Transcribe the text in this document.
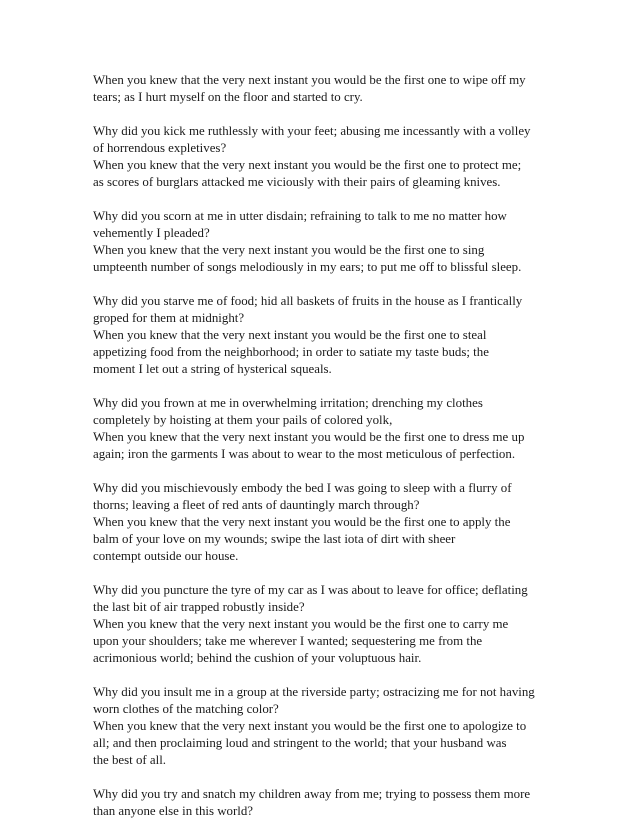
When you knew that the very next instant you would be the first one to wipe off my
tears; as I hurt myself on the floor and started to cry.
Why did you kick me ruthlessly with your feet; abusing me incessantly with a volley
of horrendous expletives?
When you knew that the very next instant you would be the first one to protect me;
as scores of burglars attacked me viciously with their pairs of gleaming knives.
Why did you scorn at me in utter disdain; refraining to talk to me no matter how
vehemently I pleaded?
When you knew that the very next instant you would be the first one to sing
umpteenth number of songs melodiously in my ears; to put me off to blissful sleep.
Why did you starve me of food; hid all baskets of fruits in the house as I frantically
groped for them at midnight?
When you knew that the very next instant you would be the first one to steal
appetizing food from the neighborhood; in order to satiate my taste buds; the
moment I let out a string of hysterical squeals.
Why did you frown at me in overwhelming irritation; drenching my clothes
completely by hoisting at them your pails of colored yolk,
When you knew that the very next instant you would be the first one to dress me up
again; iron the garments I was about to wear to the most meticulous of perfection.
Why did you mischievously embody the bed I was going to sleep with a flurry of
thorns; leaving a fleet of red ants of dauntingly march through?
When you knew that the very next instant you would be the first one to apply the
balm of your love on my wounds; swipe the last iota of dirt with sheer
contempt outside our house.
Why did you puncture the tyre of my car as I was about to leave for office; deflating
the last bit of air trapped robustly inside?
When you knew that the very next instant you would be the first one to carry me
upon your shoulders; take me wherever I wanted; sequestering me from the
acrimonious world; behind the cushion of your voluptuous hair.
Why did you insult me in a group at the riverside party; ostracizing me for not having
worn clothes of the matching color?
When you knew that the very next instant you would be the first one to apologize to
all; and then proclaiming loud and stringent to the world; that your husband was
the best of all.
Why did you try and snatch my children away from me; trying to possess them more
than anyone else in this world?
